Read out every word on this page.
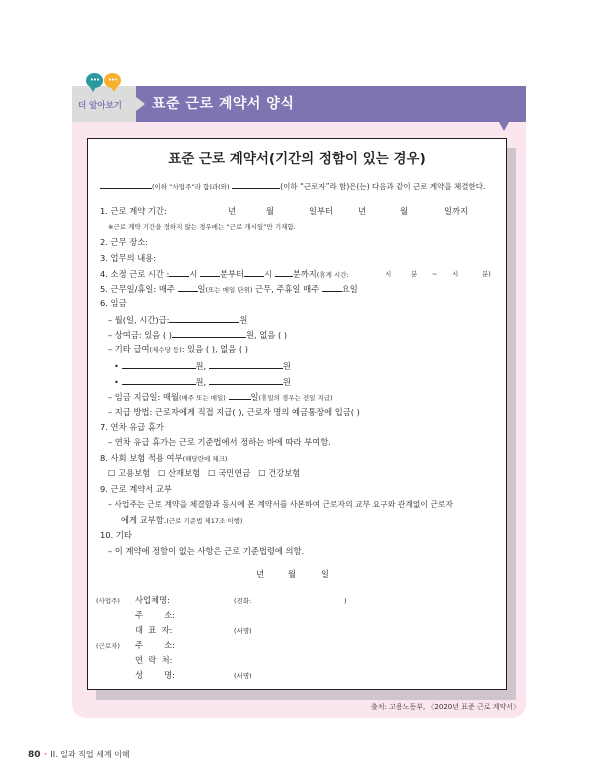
•••	•••
더 알아보기 표준 근로 계약서 양식
표준 근로 계약서(기간의 정함이 있는 경우)
(이하 “사업주”라 함)과(와)	(이하 “근로자”라 함)은(는) 다음과 같이 근로 계약을 체결한다.
1. 근로 계약 기간:	년	월	일부터	년	월	일까지
※근로 계약 기간을 정하지 않는 경우에는 “근로 개시일”만 기재함.
2. 근무 장소:
3. 업무의 내용:
4. 소정 근로 시간 : 시	분부터 시 분까지(휴게 시간:	시	분 ~ 시	분)
5. 근무일/휴일: 매주	일(또는 매일 단위) 근무, 주휴일 매주	요일
6. 임금
– 월(일, 시간)급:	원
– 상여금: 있음 ( )	원, 없음 ( )
– 기타 급여(제수당 등): 있음 ( ), 없음 ( )
•	원,	원
•	원,	원
– 임금 지급일: 매월(매주 또는 매일)	일(휴일의 경우는 전일 지급)
– 지급 방법: 근로자에게 직접 지급( ), 근로자 명의 예금통장에 입금( )
7. 연차 유급 휴가
– 연차 유급 휴가는 근로 기준법에서 정하는 바에 따라 부여함.
8. 사회 보험 적용 여부(해당란에 체크)
☐ 고용보험 ☐ 산재보험 ☐ 국민연금 ☐ 건강보험
9. 근로 계약서 교부
– 사업주는 근로 계약을 체결함과 동시에 본 계약서를 사본하여 근로자의 교부 요구와 관계없이 근로자
에게 교부함.(근로 기준법 제17조 이행)
10. 기타
– 이 계약에 정함이 없는 사항은 근로 기준법령에 의함.
년	월	일
(사업주) 사업체명:	(전화:	)
주        소:
대  표  자:	(서명)
(근로자) 주        소:
연  락  처:
성        명:	(서명)
출처: 고용노동부, 〈2020년 표준 근로 계약서〉
80 • II. 일과 직업 세계 이해
